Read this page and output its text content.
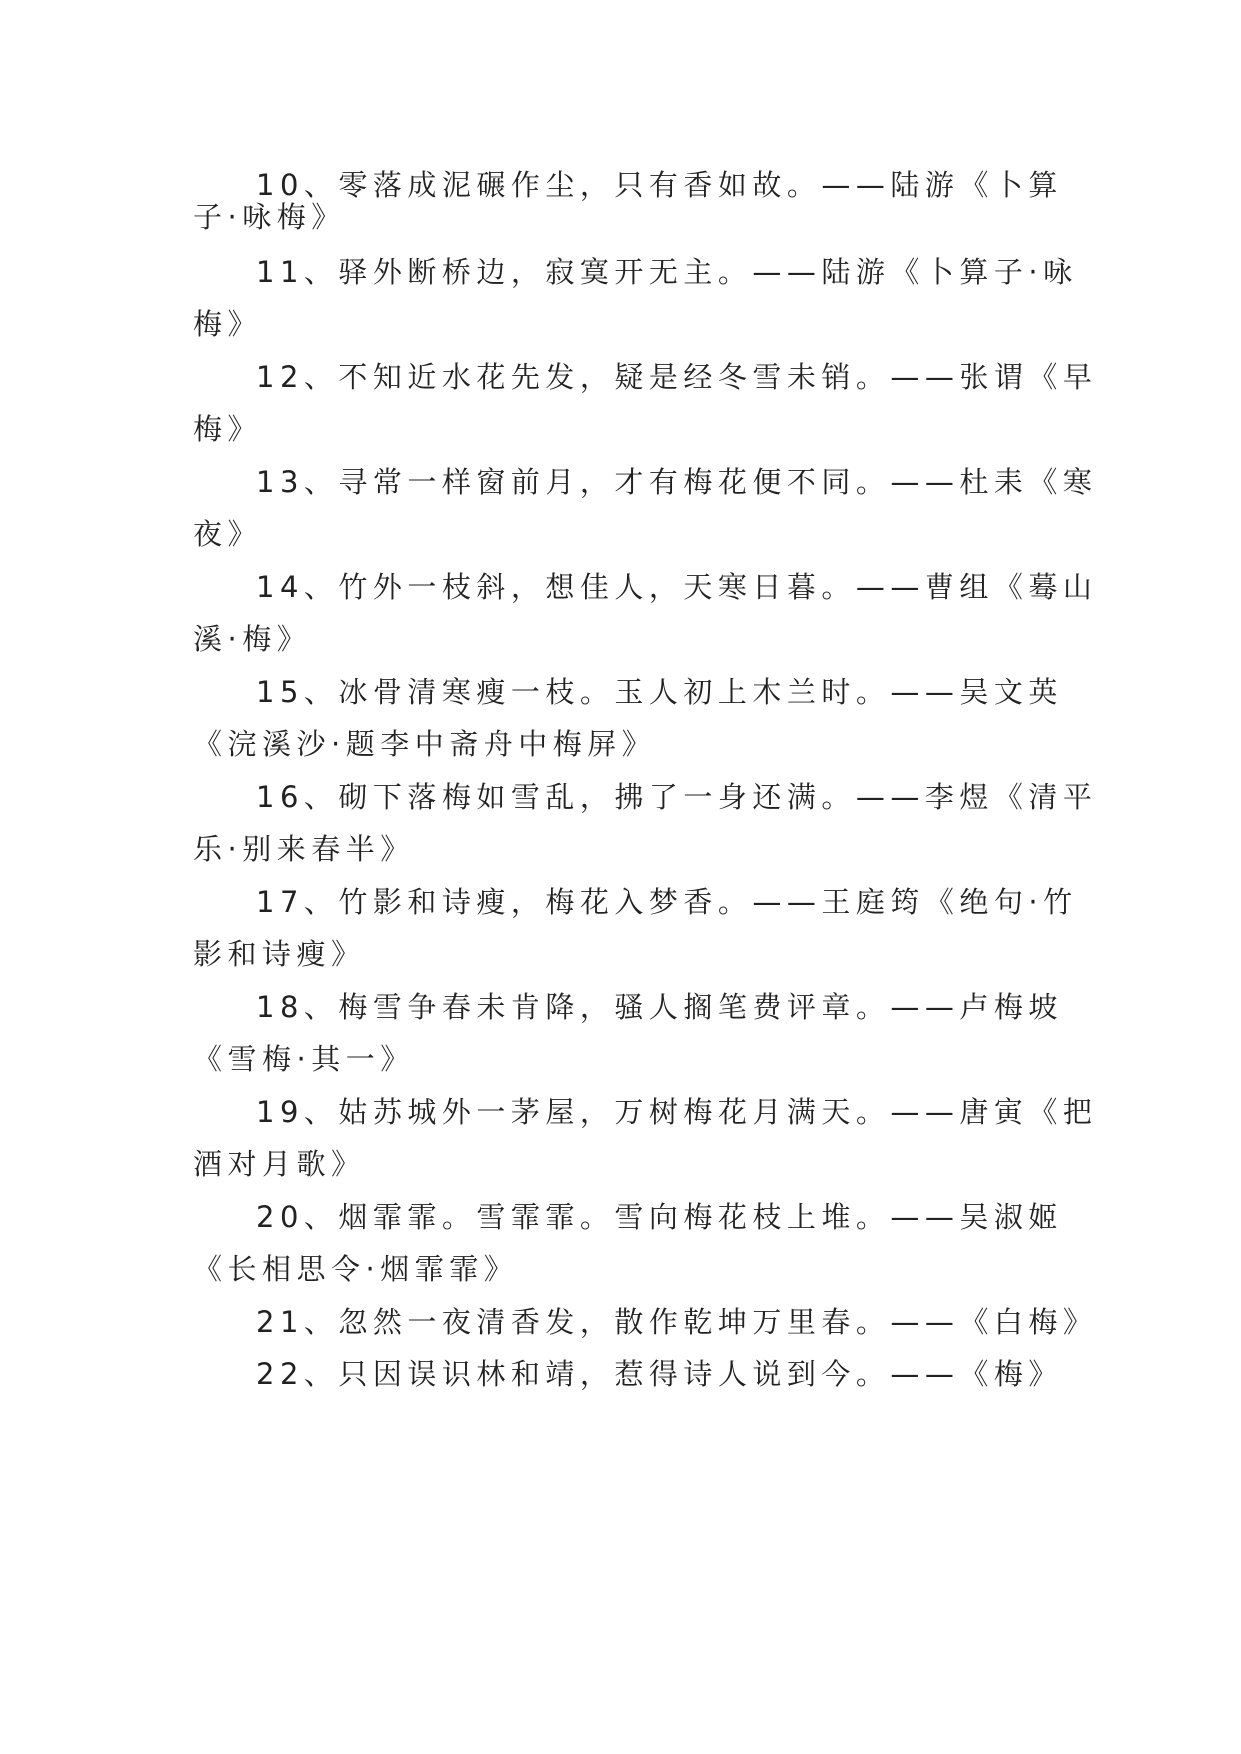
10、零落成泥碾作尘，只有香如故。——陆游《卜算
子·咏梅》
11、驿外断桥边，寂寞开无主。——陆游《卜算子·咏
梅》
12、不知近水花先发，疑是经冬雪未销。——张谓《早
梅》
13、寻常一样窗前月，才有梅花便不同。——杜耒《寒
夜》
14、竹外一枝斜，想佳人，天寒日暮。——曹组《蓦山
溪·梅》
15、冰骨清寒瘦一枝。玉人初上木兰时。——吴文英
《浣溪沙·题李中斋舟中梅屏》
16、砌下落梅如雪乱，拂了一身还满。——李煜《清平
乐·别来春半》
17、竹影和诗瘦，梅花入梦香。——王庭筠《绝句·竹
影和诗瘦》
18、梅雪争春未肯降，骚人搁笔费评章。——卢梅坡
《雪梅·其一》
19、姑苏城外一茅屋，万树梅花月满天。——唐寅《把
酒对月歌》
20、烟霏霏。雪霏霏。雪向梅花枝上堆。——吴淑姬
《长相思令·烟霏霏》
21、忽然一夜清香发，散作乾坤万里春。——《白梅》
22、只因误识林和靖，惹得诗人说到今。——《梅》
